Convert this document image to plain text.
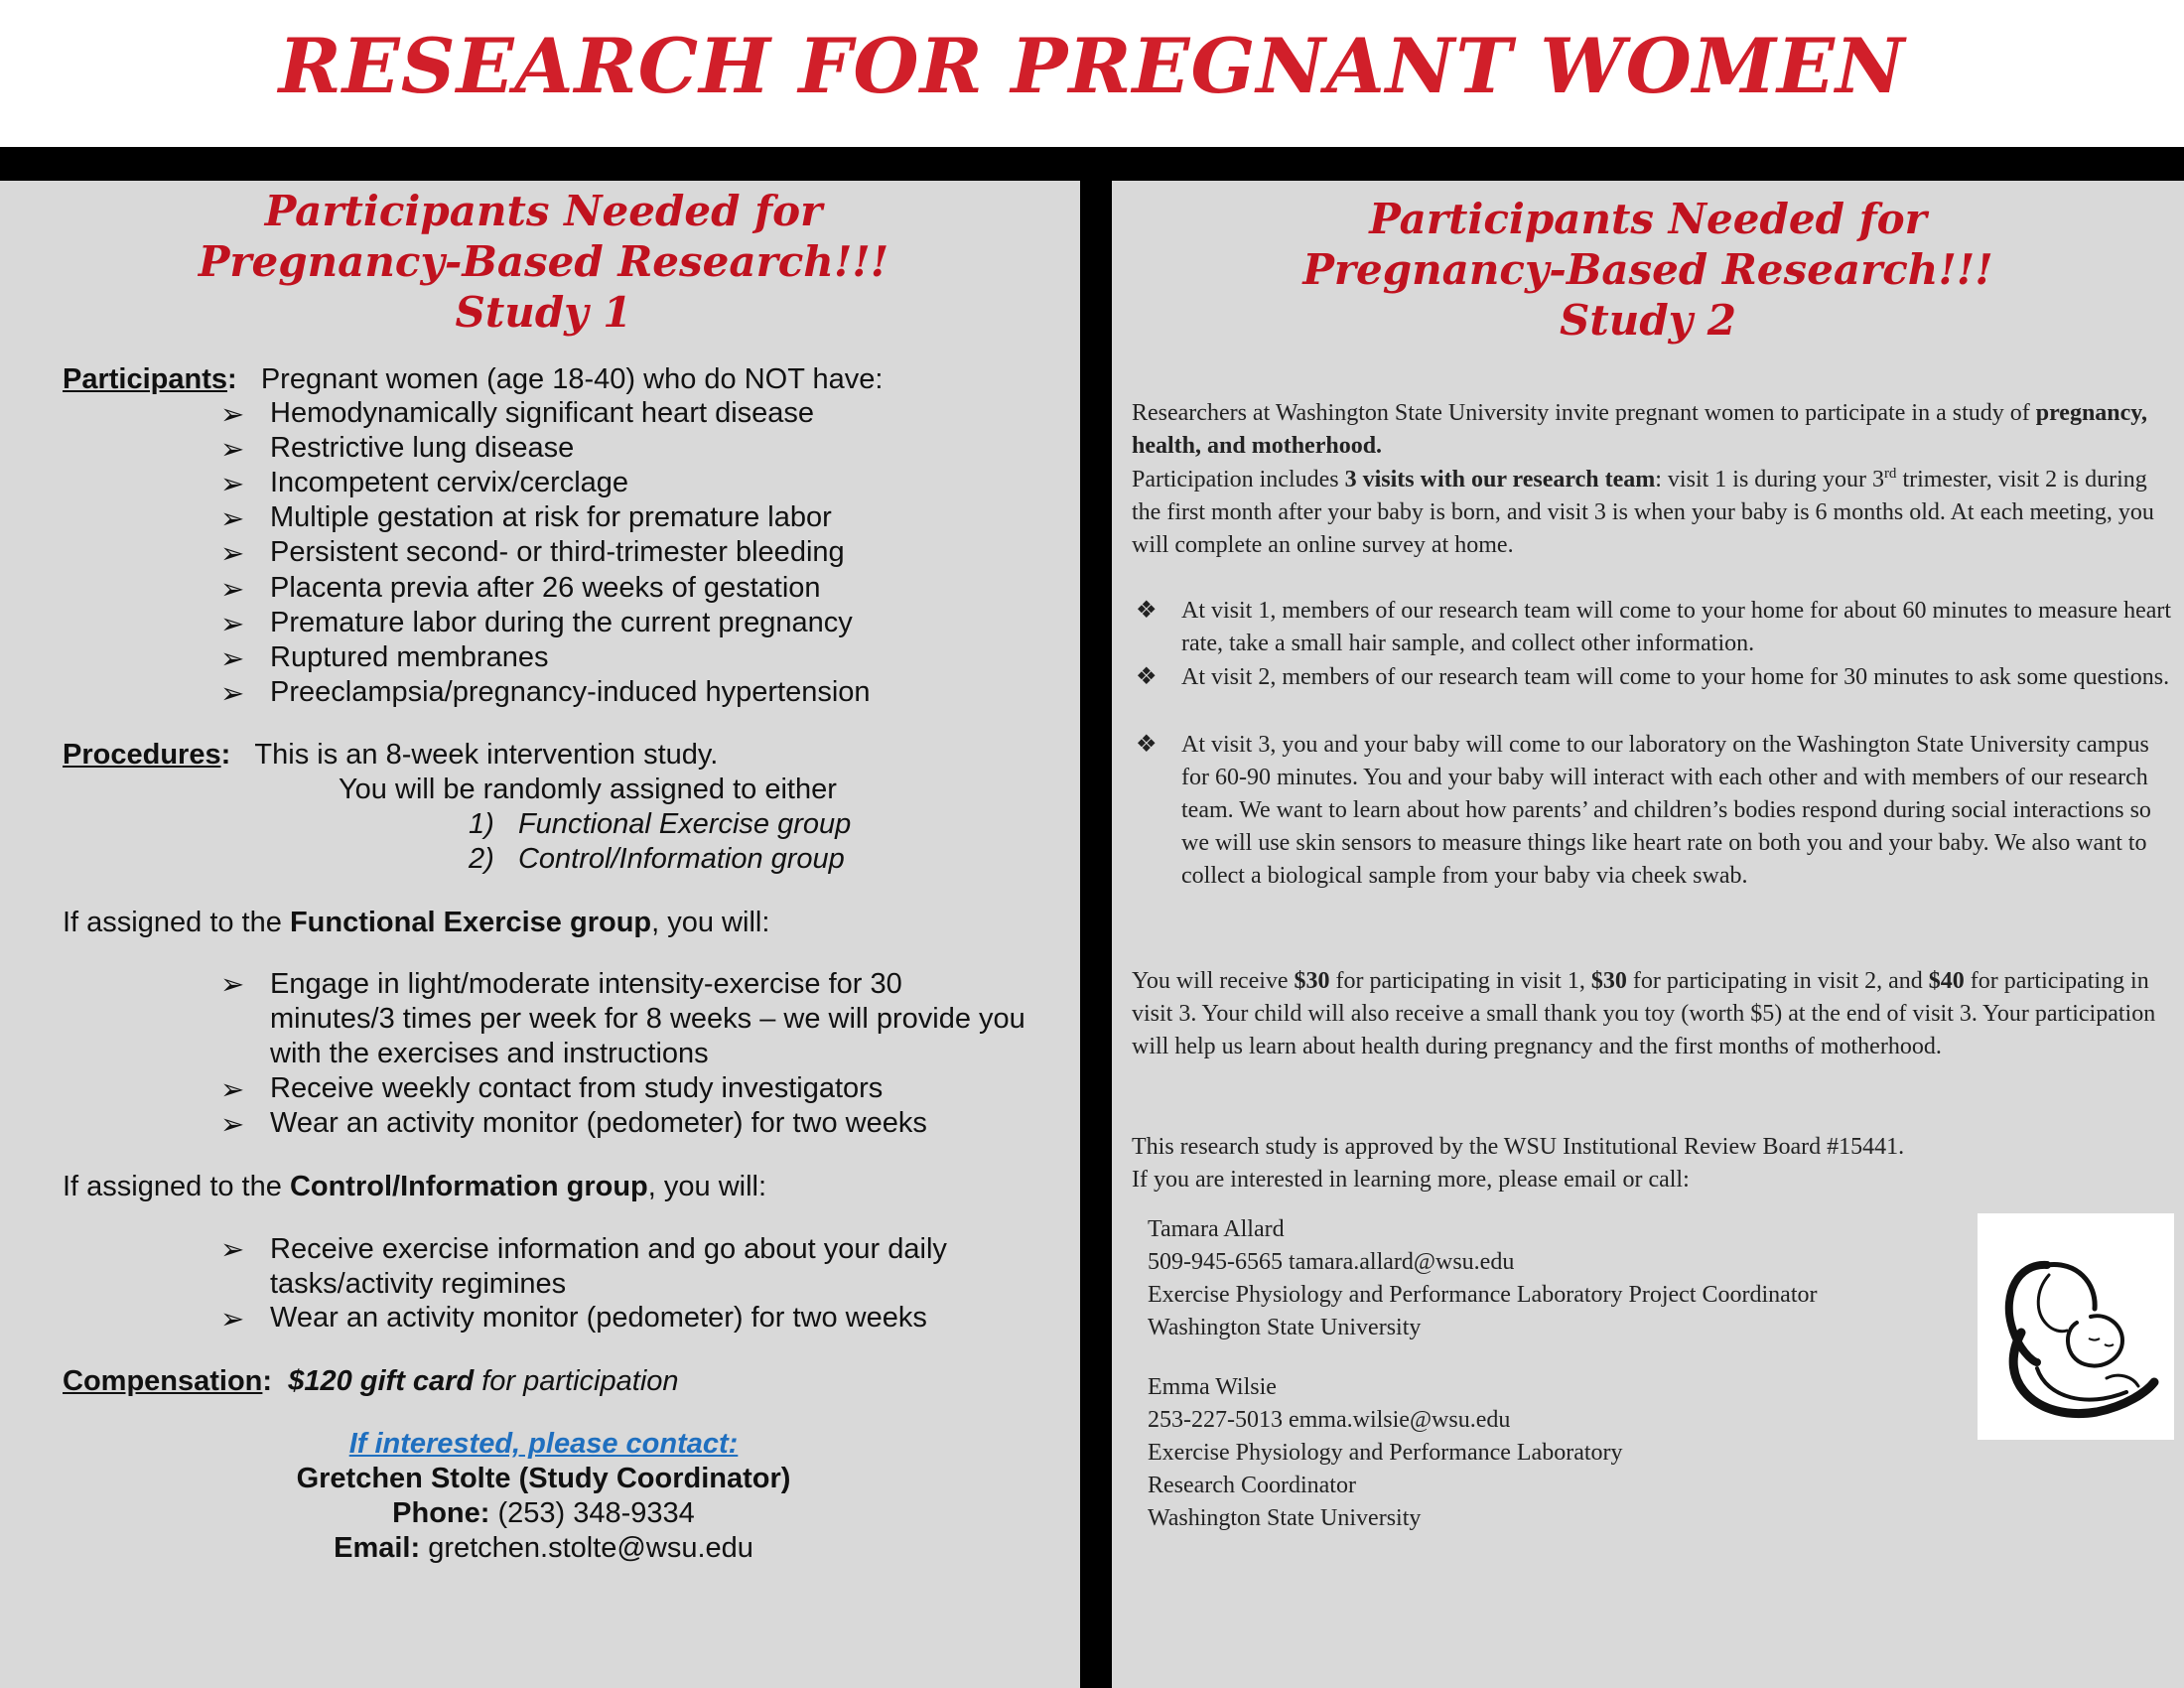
RESEARCH FOR PREGNANT WOMEN
Participants Needed for
Pregnancy-Based Research!!!
Study 1
Participants: Pregnant women (age 18-40) who do NOT have:
➢ Hemodynamically significant heart disease
➢ Restrictive lung disease
➢ Incompetent cervix/cerclage
➢ Multiple gestation at risk for premature labor
➢ Persistent second- or third-trimester bleeding
➢ Placenta previa after 26 weeks of gestation
➢ Premature labor during the current pregnancy
➢ Ruptured membranes
➢ Preeclampsia/pregnancy-induced hypertension
Procedures: This is an 8-week intervention study.
You will be randomly assigned to either
1) Functional Exercise group
2) Control/Information group
If assigned to the Functional Exercise group, you will:
➢ Engage in light/moderate intensity-exercise for 30 minutes/3 times per week for 8 weeks – we will provide you with the exercises and instructions
➢ Receive weekly contact from study investigators
➢ Wear an activity monitor (pedometer) for two weeks
If assigned to the Control/Information group, you will:
➢ Receive exercise information and go about your daily tasks/activity regimines
➢ Wear an activity monitor (pedometer) for two weeks
Compensation: $120 gift card for participation
If interested, please contact:
Gretchen Stolte (Study Coordinator)
Phone: (253) 348-9334
Email: gretchen.stolte@wsu.edu
Participants Needed for
Pregnancy-Based Research!!!
Study 2
Researchers at Washington State University invite pregnant women to participate in a study of pregnancy, health, and motherhood.
Participation includes 3 visits with our research team: visit 1 is during your 3rd trimester, visit 2 is during the first month after your baby is born, and visit 3 is when your baby is 6 months old. At each meeting, you will complete an online survey at home.
❖ At visit 1, members of our research team will come to your home for about 60 minutes to measure heart rate, take a small hair sample, and collect other information.
❖ At visit 2, members of our research team will come to your home for 30 minutes to ask some questions.
❖ At visit 3, you and your baby will come to our laboratory on the Washington State University campus for 60-90 minutes. You and your baby will interact with each other and with members of our research team. We want to learn about how parents’ and children’s bodies respond during social interactions so we will use skin sensors to measure things like heart rate on both you and your baby. We also want to collect a biological sample from your baby via cheek swab.
You will receive $30 for participating in visit 1, $30 for participating in visit 2, and $40 for participating in visit 3. Your child will also receive a small thank you toy (worth $5) at the end of visit 3. Your participation will help us learn about health during pregnancy and the first months of motherhood.
This research study is approved by the WSU Institutional Review Board #15441.
If you are interested in learning more, please email or call:
Tamara Allard
509-945-6565 tamara.allard@wsu.edu
Exercise Physiology and Performance Laboratory Project Coordinator
Washington State University
Emma Wilsie
253-227-5013 emma.wilsie@wsu.edu
Exercise Physiology and Performance Laboratory
Research Coordinator
Washington State University
